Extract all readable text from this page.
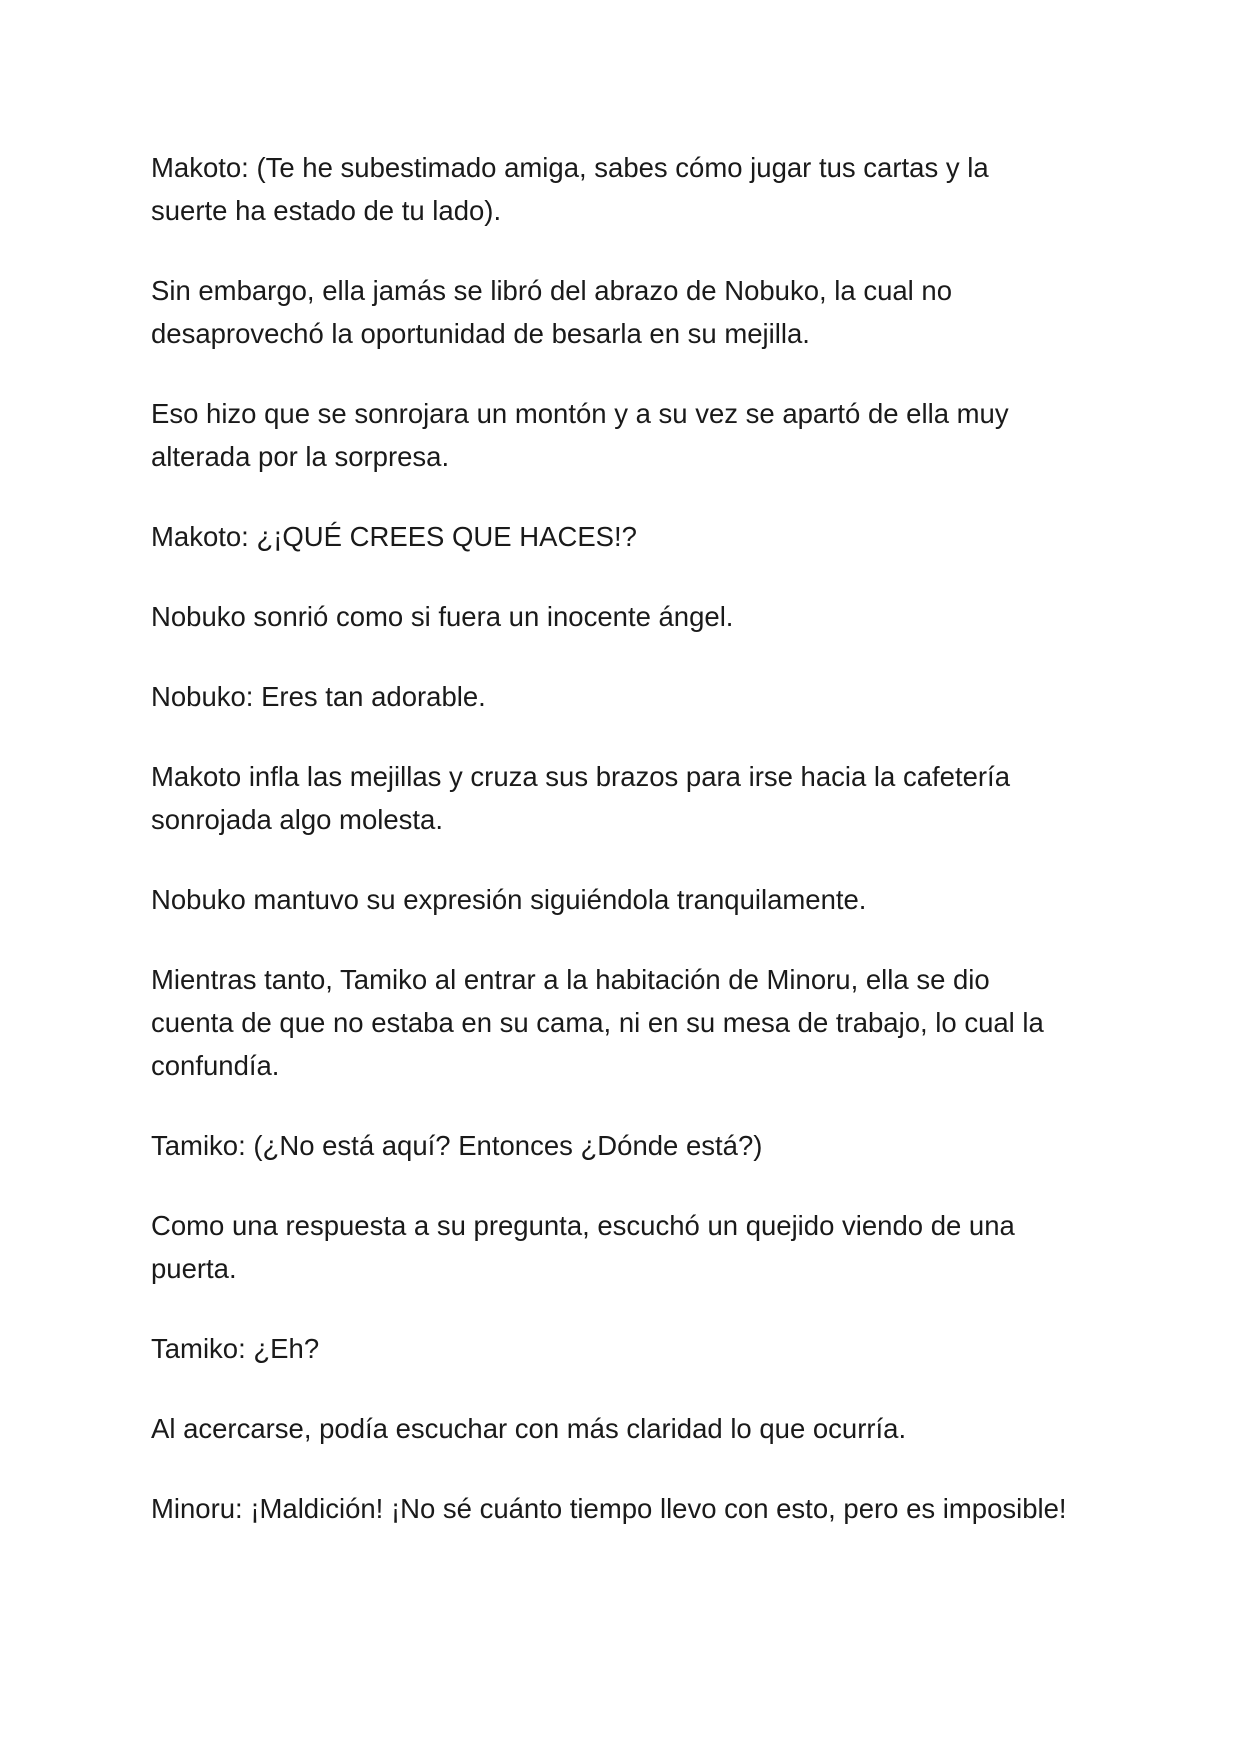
Makoto: (Te he subestimado amiga, sabes cómo jugar tus cartas y la
suerte ha estado de tu lado).

Sin embargo, ella jamás se libró del abrazo de Nobuko, la cual no
desaprovechó la oportunidad de besarla en su mejilla.

Eso hizo que se sonrojara un montón y a su vez se apartó de ella muy
alterada por la sorpresa.

Makoto: ¿¡QUÉ CREES QUE HACES!?

Nobuko sonrió como si fuera un inocente ángel.

Nobuko: Eres tan adorable.

Makoto infla las mejillas y cruza sus brazos para irse hacia la cafetería
sonrojada algo molesta.

Nobuko mantuvo su expresión siguiéndola tranquilamente.

Mientras tanto, Tamiko al entrar a la habitación de Minoru, ella se dio
cuenta de que no estaba en su cama, ni en su mesa de trabajo, lo cual la
confundía.

Tamiko: (¿No está aquí? Entonces ¿Dónde está?)

Como una respuesta a su pregunta, escuchó un quejido viendo de una
puerta.

Tamiko: ¿Eh?

Al acercarse, podía escuchar con más claridad lo que ocurría.

Minoru: ¡Maldición! ¡No sé cuánto tiempo llevo con esto, pero es imposible!
